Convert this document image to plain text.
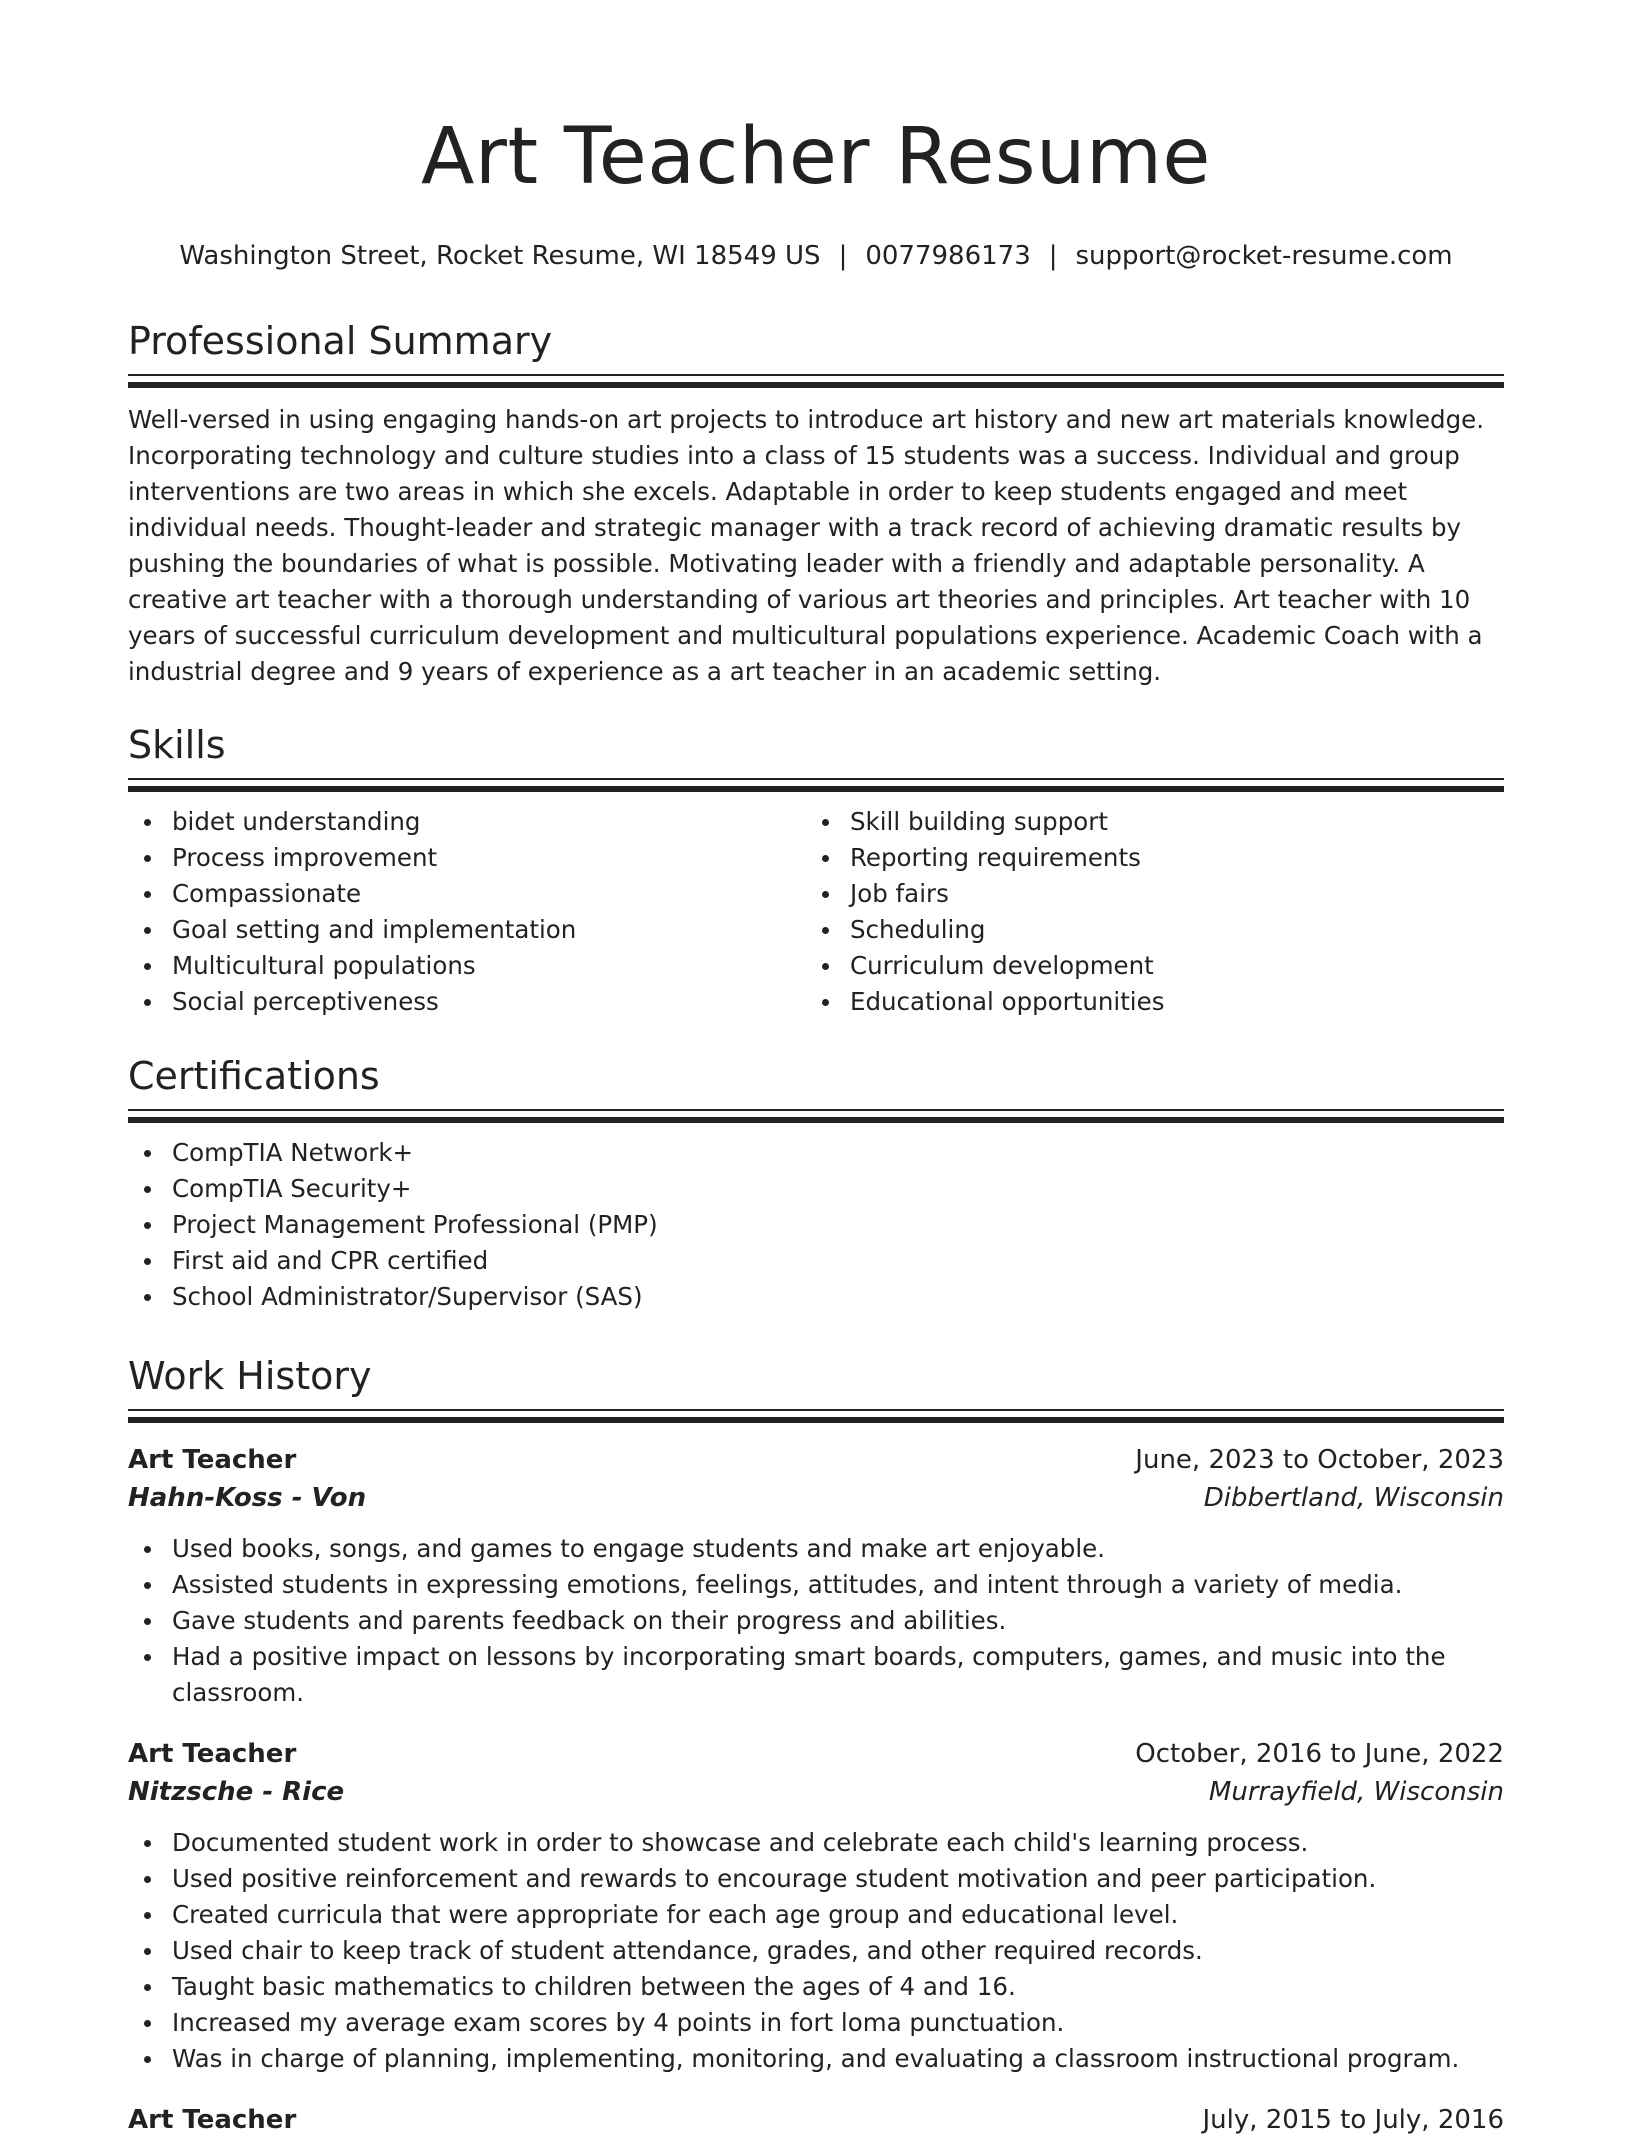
Art Teacher Resume
Washington Street, Rocket Resume, WI 18549 US | 0077986173 | support@rocket-resume.com
Professional Summary

Well-versed in using engaging hands-on art projects to introduce art history and new art materials knowledge. Incorporating technology and culture studies into a class of 15 students was a success. Individual and group interventions are two areas in which she excels. Adaptable in order to keep students engaged and meet individual needs. Thought-leader and strategic manager with a track record of achieving dramatic results by pushing the boundaries of what is possible. Motivating leader with a friendly and adaptable personality. A creative art teacher with a thorough understanding of various art theories and principles. Art teacher with 10 years of successful curriculum development and multicultural populations experience. Academic Coach with a industrial degree and 9 years of experience as a art teacher in an academic setting.

Skills
bidet understanding
Process improvement
Compassionate
Goal setting and implementation
Multicultural populations
Social perceptiveness
Skill building support
Reporting requirements
Job fairs
Scheduling
Curriculum development
Educational opportunities
Certifications
CompTIA Network+
CompTIA Security+
Project Management Professional (PMP)
First aid and CPR certified
School Administrator/Supervisor (SAS)
Work History
Art Teacher	June, 2023 to October, 2023
Hahn-Koss - Von	Dibbertland, Wisconsin
Used books, songs, and games to engage students and make art enjoyable.
Assisted students in expressing emotions, feelings, attitudes, and intent through a variety of media.
Gave students and parents feedback on their progress and abilities.
Had a positive impact on lessons by incorporating smart boards, computers, games, and music into the classroom.
Art Teacher	October, 2016 to June, 2022
Nitzsche - Rice	Murrayfield, Wisconsin
Documented student work in order to showcase and celebrate each child's learning process.
Used positive reinforcement and rewards to encourage student motivation and peer participation.
Created curricula that were appropriate for each age group and educational level.
Used chair to keep track of student attendance, grades, and other required records.
Taught basic mathematics to children between the ages of 4 and 16.
Increased my average exam scores by 4 points in fort loma punctuation.
Was in charge of planning, implementing, monitoring, and evaluating a classroom instructional program.
Art Teacher	July, 2015 to July, 2016
